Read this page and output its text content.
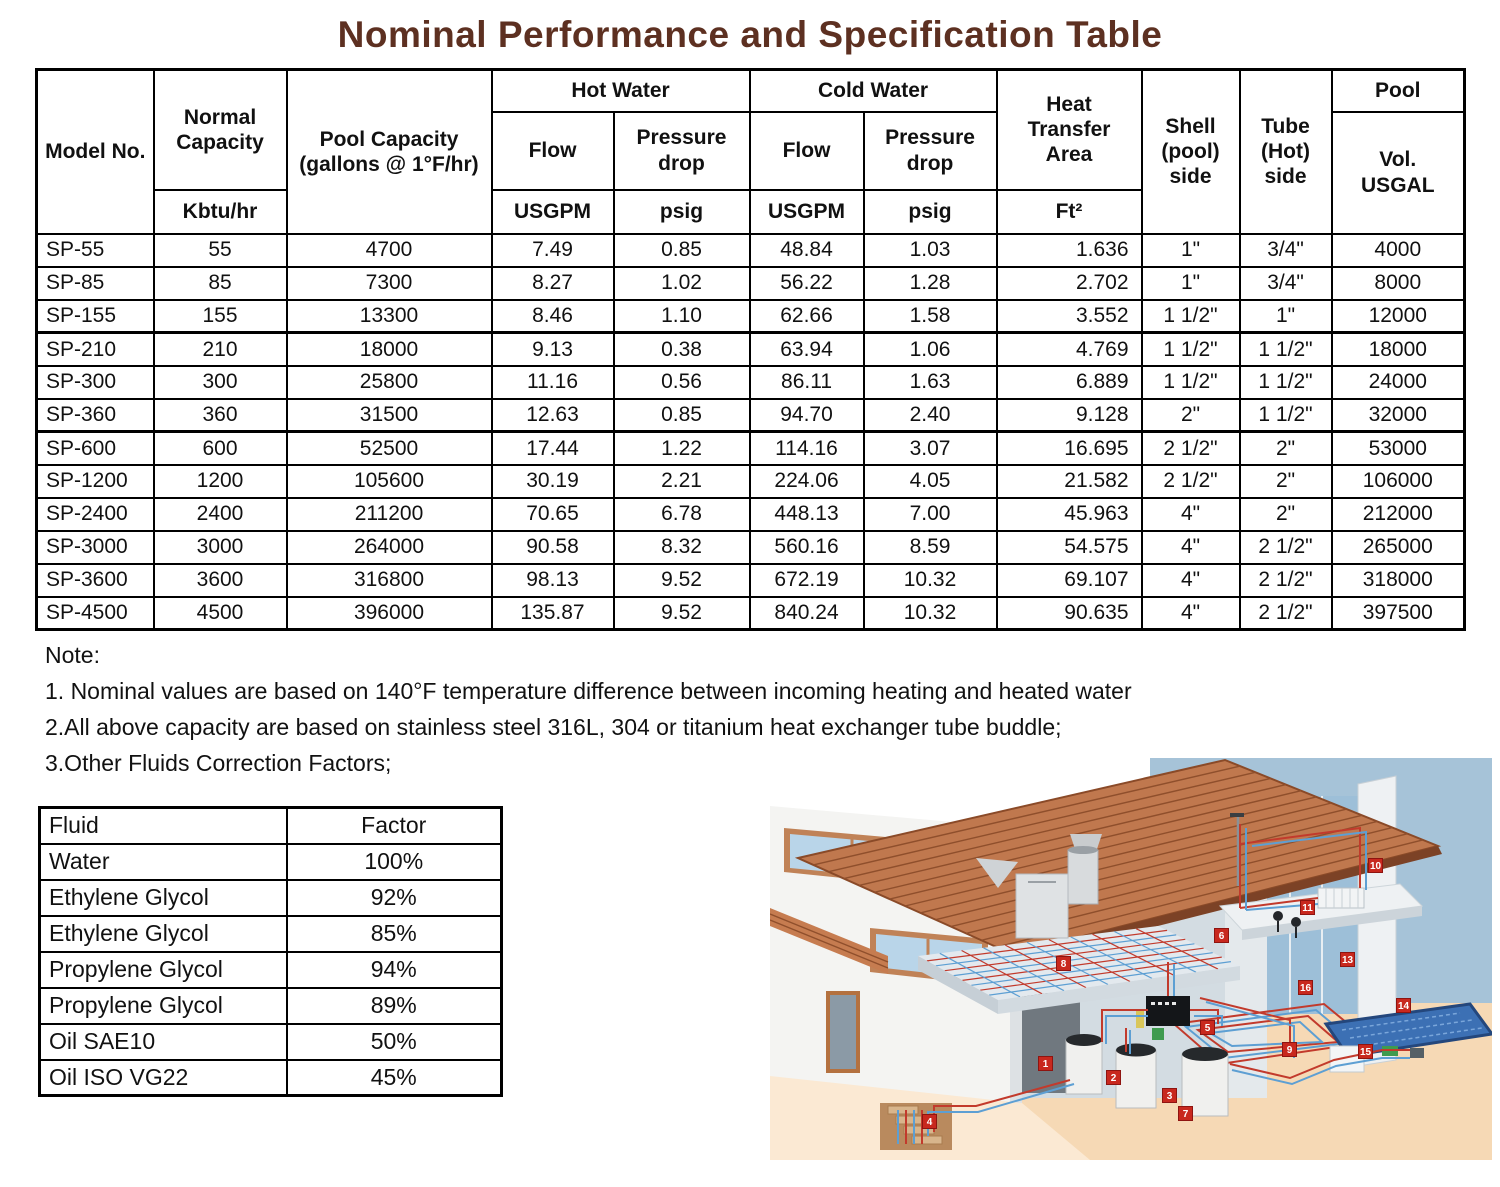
Nominal Performance and Specification Table
Model No.	Normal Capacity	Pool Capacity (gallons @ 1°F/hr)	Hot Water		Cold Water		Heat Transfer Area	Shell (pool) side	Tube (Hot) side	Pool
			Flow	Pressure drop	Flow	Pressure drop				Vol. USGAL
	Kbtu/hr		USGPM	psig	USGPM	psig	Ft²			
SP-55	55	4700	7.49	0.85	48.84	1.03	1.636	1"	3/4"	4000
SP-85	85	7300	8.27	1.02	56.22	1.28	2.702	1"	3/4"	8000
SP-155	155	13300	8.46	1.10	62.66	1.58	3.552	1 1/2"	1"	12000
SP-210	210	18000	9.13	0.38	63.94	1.06	4.769	1 1/2"	1 1/2"	18000
SP-300	300	25800	11.16	0.56	86.11	1.63	6.889	1 1/2"	1 1/2"	24000
SP-360	360	31500	12.63	0.85	94.70	2.40	9.128	2"	1 1/2"	32000
SP-600	600	52500	17.44	1.22	114.16	3.07	16.695	2 1/2"	2"	53000
SP-1200	1200	105600	30.19	2.21	224.06	4.05	21.582	2 1/2"	2"	106000
SP-2400	2400	211200	70.65	6.78	448.13	7.00	45.963	4"	2"	212000
SP-3000	3000	264000	90.58	8.32	560.16	8.59	54.575	4"	2 1/2"	265000
SP-3600	3600	316800	98.13	9.52	672.19	10.32	69.107	4"	2 1/2"	318000
SP-4500	4500	396000	135.87	9.52	840.24	10.32	90.635	4"	2 1/2"	397500
Note:
1. Nominal values are based on 140°F temperature difference between incoming heating and heated water
2.All above capacity are based on stainless steel 316L, 304 or titanium heat exchanger tube buddle;
3.Other Fluids Correction Factors;
Fluid	Factor
Water	100%
Ethylene Glycol	92%
Ethylene Glycol	85%
Propylene Glycol	94%
Propylene Glycol	89%
Oil SAE10	50%
Oil ISO VG22	45%	1
2
3
4
5
6
7
8
9
10
11
13
14
15
16
